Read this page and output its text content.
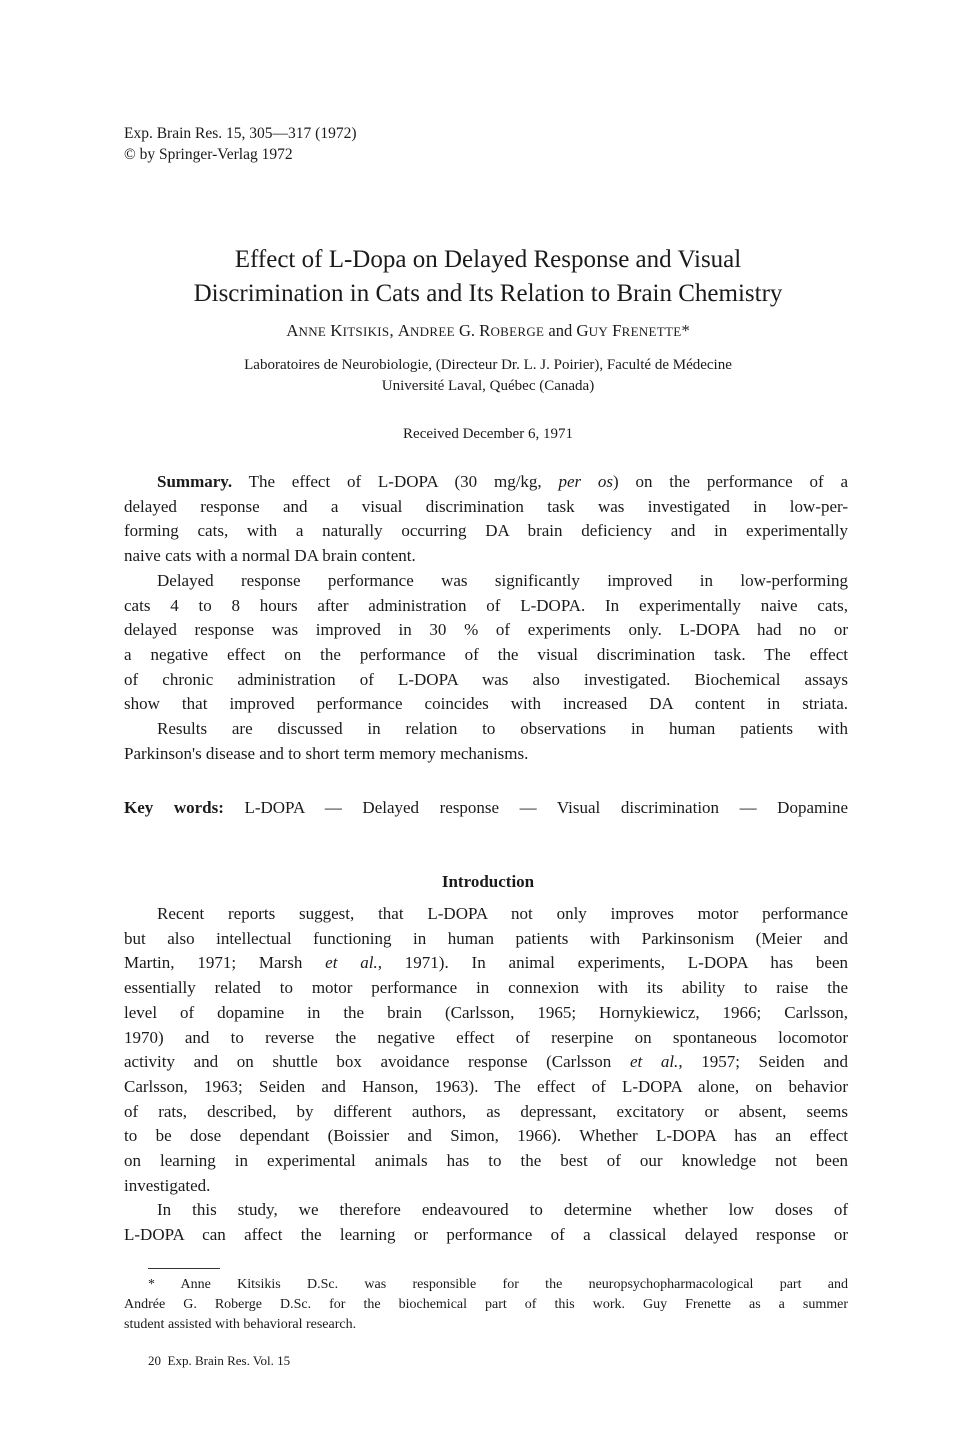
Exp. Brain Res. 15, 305—317 (1972)
© by Springer-Verlag 1972
Effect of L-Dopa on Delayed Response and Visual
Discrimination in Cats and Its Relation to Brain Chemistry
ANNE KITSIKIS, ANDREE G. ROBERGE and GUY FRENETTE*
Laboratoires de Neurobiologie, (Directeur Dr. L. J. Poirier), Faculté de Médecine
Université Laval, Québec (Canada)
Received December 6, 1971

Summary. The effect of L-DOPA (30 mg/kg, per os) on the performance of a
delayed response and a visual discrimination task was investigated in low-per-
forming cats, with a naturally occurring DA brain deficiency and in experimentally
naive cats with a normal DA brain content.

Delayed response performance was significantly improved in low-performing
cats 4 to 8 hours after administration of L-DOPA. In experimentally naive cats,
delayed response was improved in 30 % of experiments only. L-DOPA had no or
a negative effect on the performance of the visual discrimination task. The effect
of chronic administration of L-DOPA was also investigated. Biochemical assays
show that improved performance coincides with increased DA content in striata.

Results are discussed in relation to observations in human patients with
Parkinson's disease and to short term memory mechanisms.

Key words: L-DOPA — Delayed response — Visual discrimination — Dopamine
Introduction

Recent reports suggest, that L-DOPA not only improves motor performance
but also intellectual functioning in human patients with Parkinsonism (Meier and
Martin, 1971; Marsh et al., 1971). In animal experiments, L-DOPA has been
essentially related to motor performance in connexion with its ability to raise the
level of dopamine in the brain (Carlsson, 1965; Hornykiewicz, 1966; Carlsson,
1970) and to reverse the negative effect of reserpine on spontaneous locomotor
activity and on shuttle box avoidance response (Carlsson et al., 1957; Seiden and
Carlsson, 1963; Seiden and Hanson, 1963). The effect of L-DOPA alone, on behavior
of rats, described, by different authors, as depressant, excitatory or absent, seems
to be dose dependant (Boissier and Simon, 1966). Whether L-DOPA has an effect
on learning in experimental animals has to the best of our knowledge not been
investigated.

In this study, we therefore endeavoured to determine whether low doses of
L-DOPA can affect the learning or performance of a classical delayed response or

* Anne Kitsikis D.Sc. was responsible for the neuropsychopharmacological part and
Andrée G. Roberge D.Sc. for the biochemical part of this work. Guy Frenette as a summer
student assisted with behavioral research.
20 Exp. Brain Res. Vol. 15
